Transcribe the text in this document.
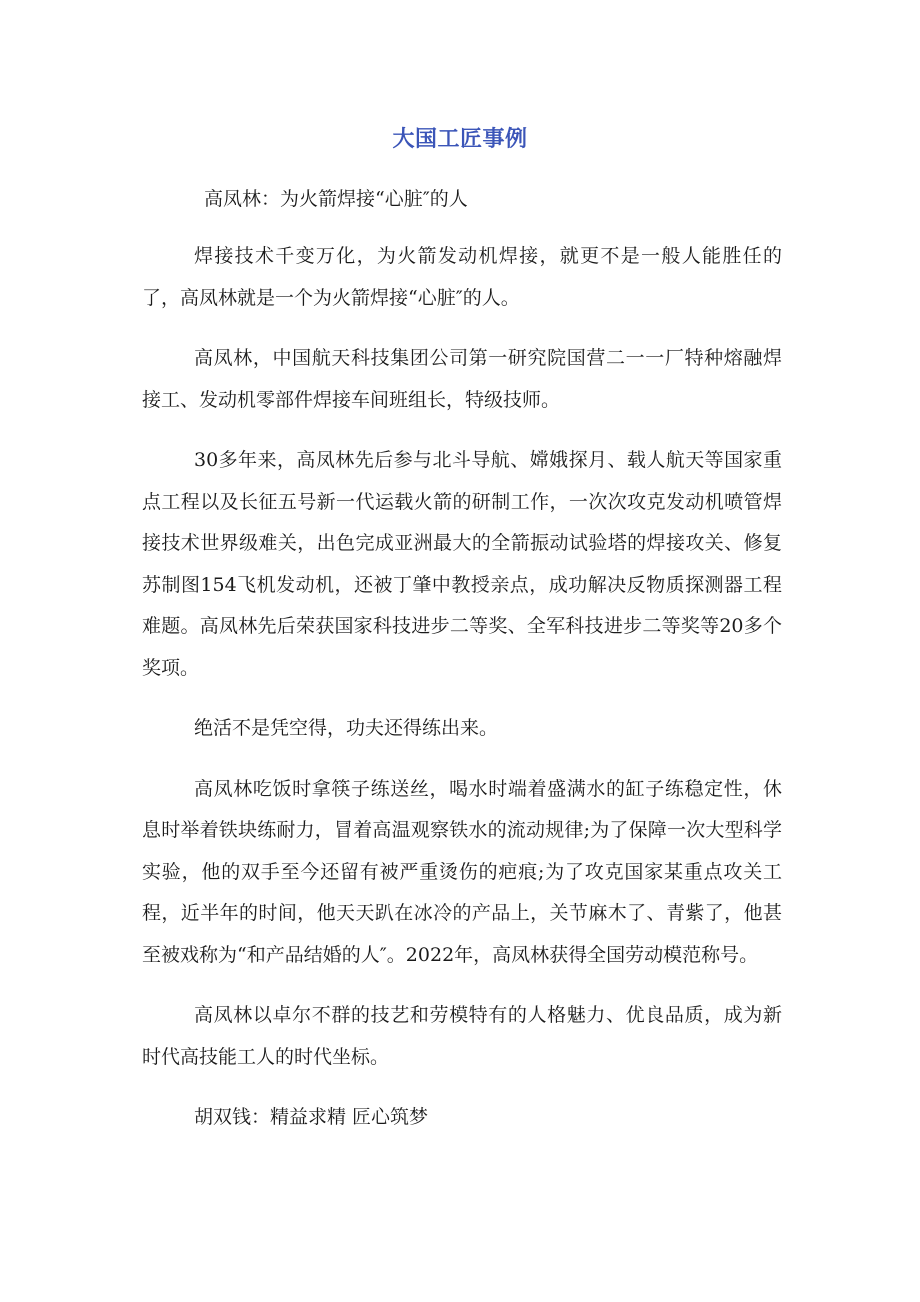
大国工匠事例
高凤林：为火箭焊接“心脏″的人

焊接技术千变万化，为火箭发动机焊接，就更不是一般人能胜任的了，高凤林就是一个为火箭焊接“心脏″的人。

高凤林，中国航天科技集团公司第一研究院国营二一一厂特种熔融焊接工、发动机零部件焊接车间班组长，特级技师。

30多年来，高凤林先后参与北斗导航、嫦娥探月、载人航天等国家重点工程以及长征五号新一代运载火箭的研制工作，一次次攻克发动机喷管焊接技术世界级难关，出色完成亚洲最大的全箭振动试验塔的焊接攻关、修复苏制图154飞机发动机，还被丁肇中教授亲点，成功解决反物质探测器工程难题。高凤林先后荣获国家科技进步二等奖、全军科技进步二等奖等20多个奖项。

绝活不是凭空得，功夫还得练出来。

高凤林吃饭时拿筷子练送丝，喝水时端着盛满水的缸子练稳定性，休息时举着铁块练耐力，冒着高温观察铁水的流动规律;为了保障一次大型科学实验，他的双手至今还留有被严重烫伤的疤痕;为了攻克国家某重点攻关工程，近半年的时间，他天天趴在冰冷的产品上，关节麻木了、青紫了，他甚至被戏称为“和产品结婚的人″。2022年，高凤林获得全国劳动模范称号。

高凤林以卓尔不群的技艺和劳模特有的人格魅力、优良品质，成为新时代高技能工人的时代坐标。

胡双钱：精益求精 匠心筑梦
